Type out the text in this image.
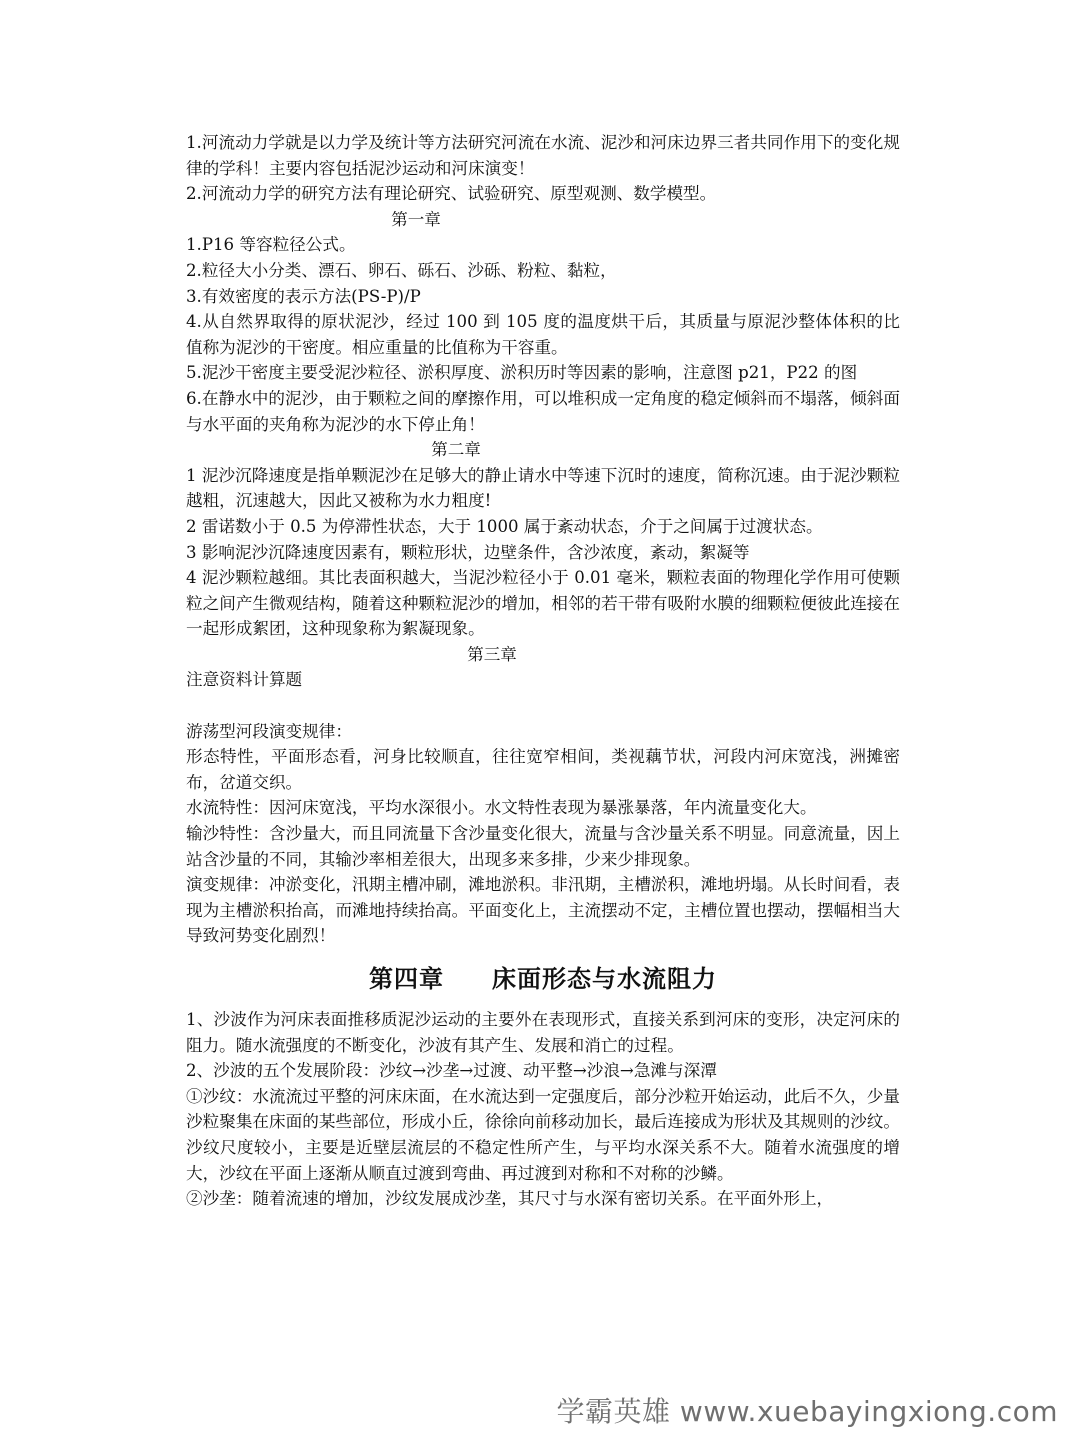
1.河流动力学就是以力学及统计等方法研究河流在水流、泥沙和河床边界三者共同作用下的变化规律的学科！主要内容包括泥沙运动和河床演变！

2.河流动力学的研究方法有理论研究、试验研究、原型观测、数学模型。

第一章

1.P16 等容粒径公式。

2.粒径大小分类、漂石、卵石、砾石、沙砾、粉粒、黏粒，

3.有效密度的表示方法(PS-P)/P

4.从自然界取得的原状泥沙，经过 100 到 105 度的温度烘干后，其质量与原泥沙整体体积的比值称为泥沙的干密度。相应重量的比值称为干容重。

5.泥沙干密度主要受泥沙粒径、淤积厚度、淤积历时等因素的影响，注意图 p21，P22 的图

6.在静水中的泥沙，由于颗粒之间的摩擦作用，可以堆积成一定角度的稳定倾斜而不塌落，倾斜面与水平面的夹角称为泥沙的水下停止角！

第二章

1 泥沙沉降速度是指单颗泥沙在足够大的静止请水中等速下沉时的速度，简称沉速。由于泥沙颗粒越粗，沉速越大，因此又被称为水力粗度!

2 雷诺数小于 0.5 为停滞性状态，大于 1000 属于紊动状态，介于之间属于过渡状态。

3 影响泥沙沉降速度因素有，颗粒形状，边壁条件，含沙浓度，紊动，絮凝等

4 泥沙颗粒越细。其比表面积越大，当泥沙粒径小于 0.01 毫米，颗粒表面的物理化学作用可使颗粒之间产生微观结构，随着这种颗粒泥沙的增加，相邻的若干带有吸附水膜的细颗粒便彼此连接在一起形成絮团，这种现象称为絮凝现象。

第三章

注意资料计算题

游荡型河段演变规律：

形态特性，平面形态看，河身比较顺直，往往宽窄相间，类视藕节状，河段内河床宽浅，洲摊密布，岔道交织。

水流特性：因河床宽浅，平均水深很小。水文特性表现为暴涨暴落，年内流量变化大。

输沙特性：含沙量大，而且同流量下含沙量变化很大，流量与含沙量关系不明显。同意流量，因上站含沙量的不同，其输沙率相差很大，出现多来多排，少来少排现象。

演变规律：冲淤变化，汛期主槽冲刷，滩地淤积。非汛期，主槽淤积，滩地坍塌。从长时间看，表现为主槽淤积抬高，而滩地持续抬高。平面变化上，主流摆动不定，主槽位置也摆动，摆幅相当大导致河势变化剧烈！

第四章 床面形态与水流阻力

1、沙波作为河床表面推移质泥沙运动的主要外在表现形式，直接关系到河床的变形，决定河床的阻力。随水流强度的不断变化，沙波有其产生、发展和消亡的过程。

2、沙波的五个发展阶段：沙纹→沙垄→过渡、动平整→沙浪→急滩与深潭

①沙纹：水流流过平整的河床床面，在水流达到一定强度后，部分沙粒开始运动，此后不久，少量沙粒聚集在床面的某些部位，形成小丘，徐徐向前移动加长，最后连接成为形状及其规则的沙纹。沙纹尺度较小，主要是近壁层流层的不稳定性所产生，与平均水深关系不大。随着水流强度的增大，沙纹在平面上逐渐从顺直过渡到弯曲、再过渡到对称和不对称的沙鳞。

②沙垄：随着流速的增加，沙纹发展成沙垄，其尺寸与水深有密切关系。在平面外形上，

学霸英雄 www.xuebayingxiong.com
